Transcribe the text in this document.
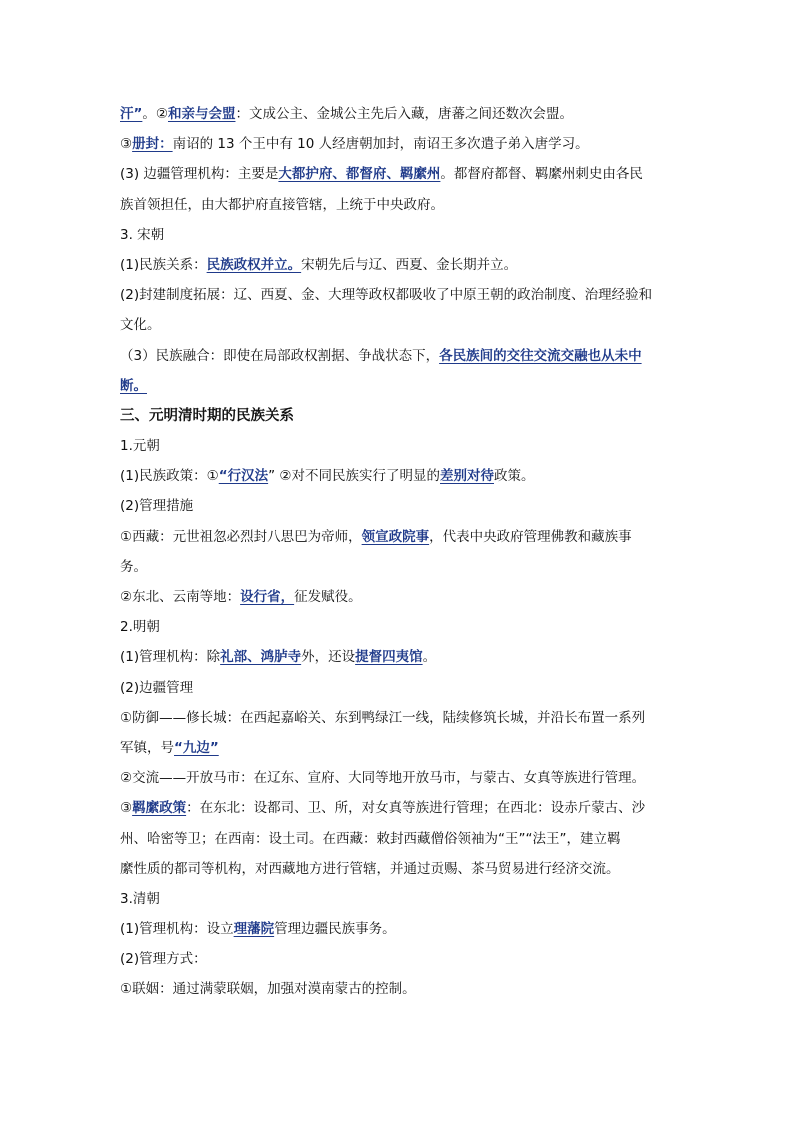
汗”。②和亲与会盟：文成公主、金城公主先后入藏，唐蕃之间还数次会盟。
③册封：南诏的 13 个王中有 10 人经唐朝加封，南诏王多次遣子弟入唐学习。
(3) 边疆管理机构：主要是大都护府、都督府、羁縻州。都督府都督、羁縻州刺史由各民
族首领担任，由大都护府直接管辖，上统于中央政府。
3. 宋朝
(1)民族关系：民族政权并立。宋朝先后与辽、西夏、金长期并立。
(2)封建制度拓展：辽、西夏、金、大理等政权都吸收了中原王朝的政治制度、治理经验和
文化。
（3）民族融合：即使在局部政权割据、争战状态下，各民族间的交往交流交融也从未中
断。
三、元明清时期的民族关系
1.元朝
(1)民族政策：①“行汉法” ②对不同民族实行了明显的差别对待政策。
(2)管理措施
①西藏：元世祖忽必烈封八思巴为帝师，领宣政院事，代表中央政府管理佛教和藏族事
务。
②东北、云南等地：设行省，征发赋役。
2.明朝
(1)管理机构：除礼部、鸿胪寺外，还设提督四夷馆。
(2)边疆管理
①防御——修长城：在西起嘉峪关、东到鸭绿江一线，陆续修筑长城，并沿长布置一系列
军镇，号“九边”
②交流——开放马市：在辽东、宣府、大同等地开放马市，与蒙古、女真等族进行管理。
③羁縻政策：在东北：设都司、卫、所，对女真等族进行管理；在西北：设赤斤蒙古、沙
州、哈密等卫；在西南：设土司。在西藏：敕封西藏僧俗领袖为“王”“法王”，建立羁
縻性质的都司等机构，对西藏地方进行管辖，并通过贡赐、茶马贸易进行经济交流。
3.清朝
(1)管理机构：设立理藩院管理边疆民族事务。
(2)管理方式：
①联姻：通过满蒙联姻，加强对漠南蒙古的控制。
